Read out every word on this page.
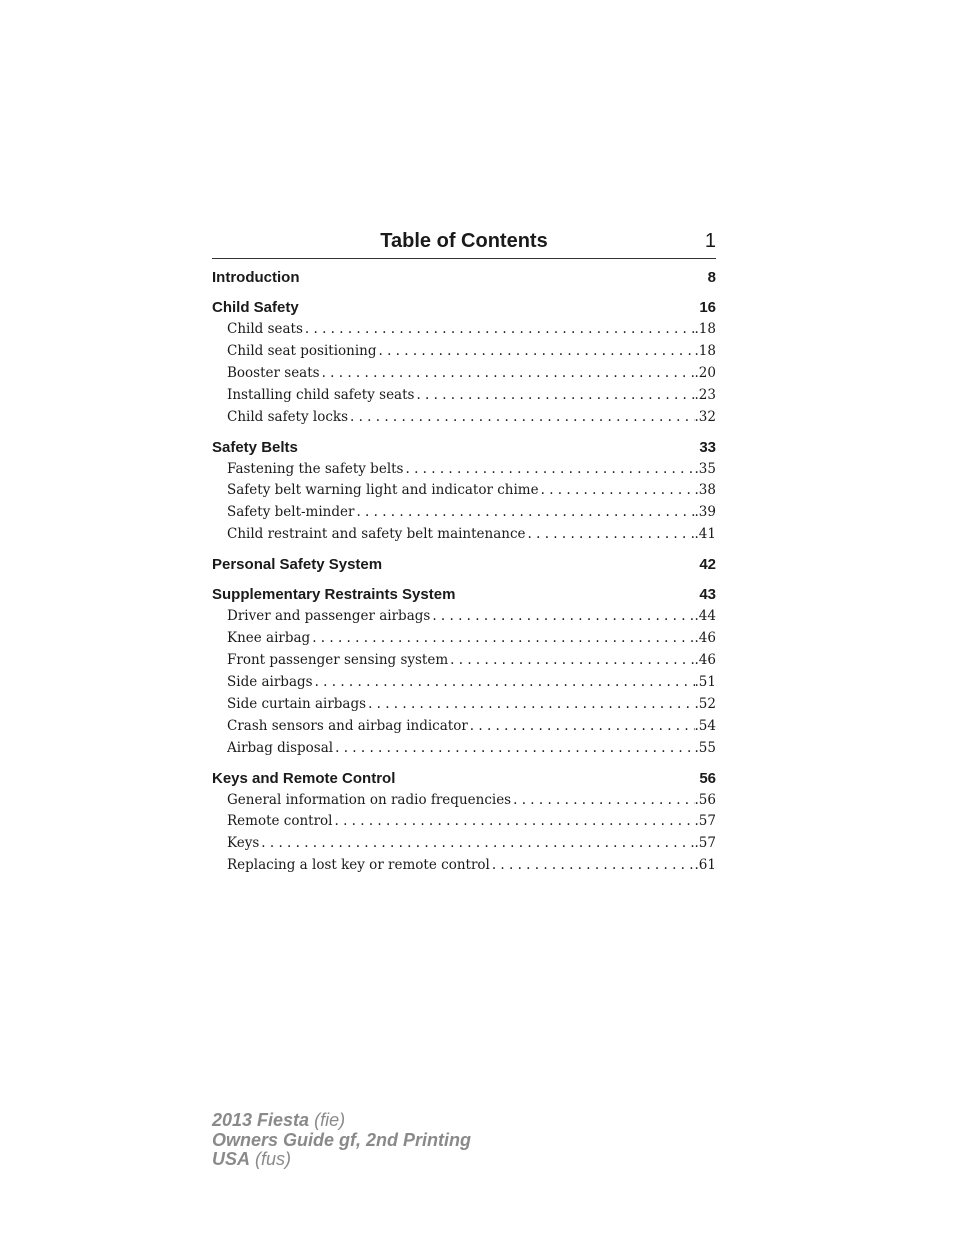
Table of Contents	1
Introduction	8
Child Safety	16
Child seats . . .	.18
Child seat positioning . . .	.18
Booster seats . . .	.20
Installing child safety seats . . .	.23
Child safety locks . . .	.32
Safety Belts	33
Fastening the safety belts . . .	.35
Safety belt warning light and indicator chime . . .	.38
Safety belt-minder . . .	.39
Child restraint and safety belt maintenance . . .	.41
Personal Safety System	42
Supplementary Restraints System	43
Driver and passenger airbags . . .	.44
Knee airbag . . .	.46
Front passenger sensing system . . .	.46
Side airbags . . .	.51
Side curtain airbags . . .	.52
Crash sensors and airbag indicator . . .	.54
Airbag disposal . . .	.55
Keys and Remote Control	56
General information on radio frequencies . . .	.56
Remote control . . .	.57
Keys . . .	.57
Replacing a lost key or remote control . . .	.61
2013 Fiesta (fie)
Owners Guide gf, 2nd Printing
USA (fus)
